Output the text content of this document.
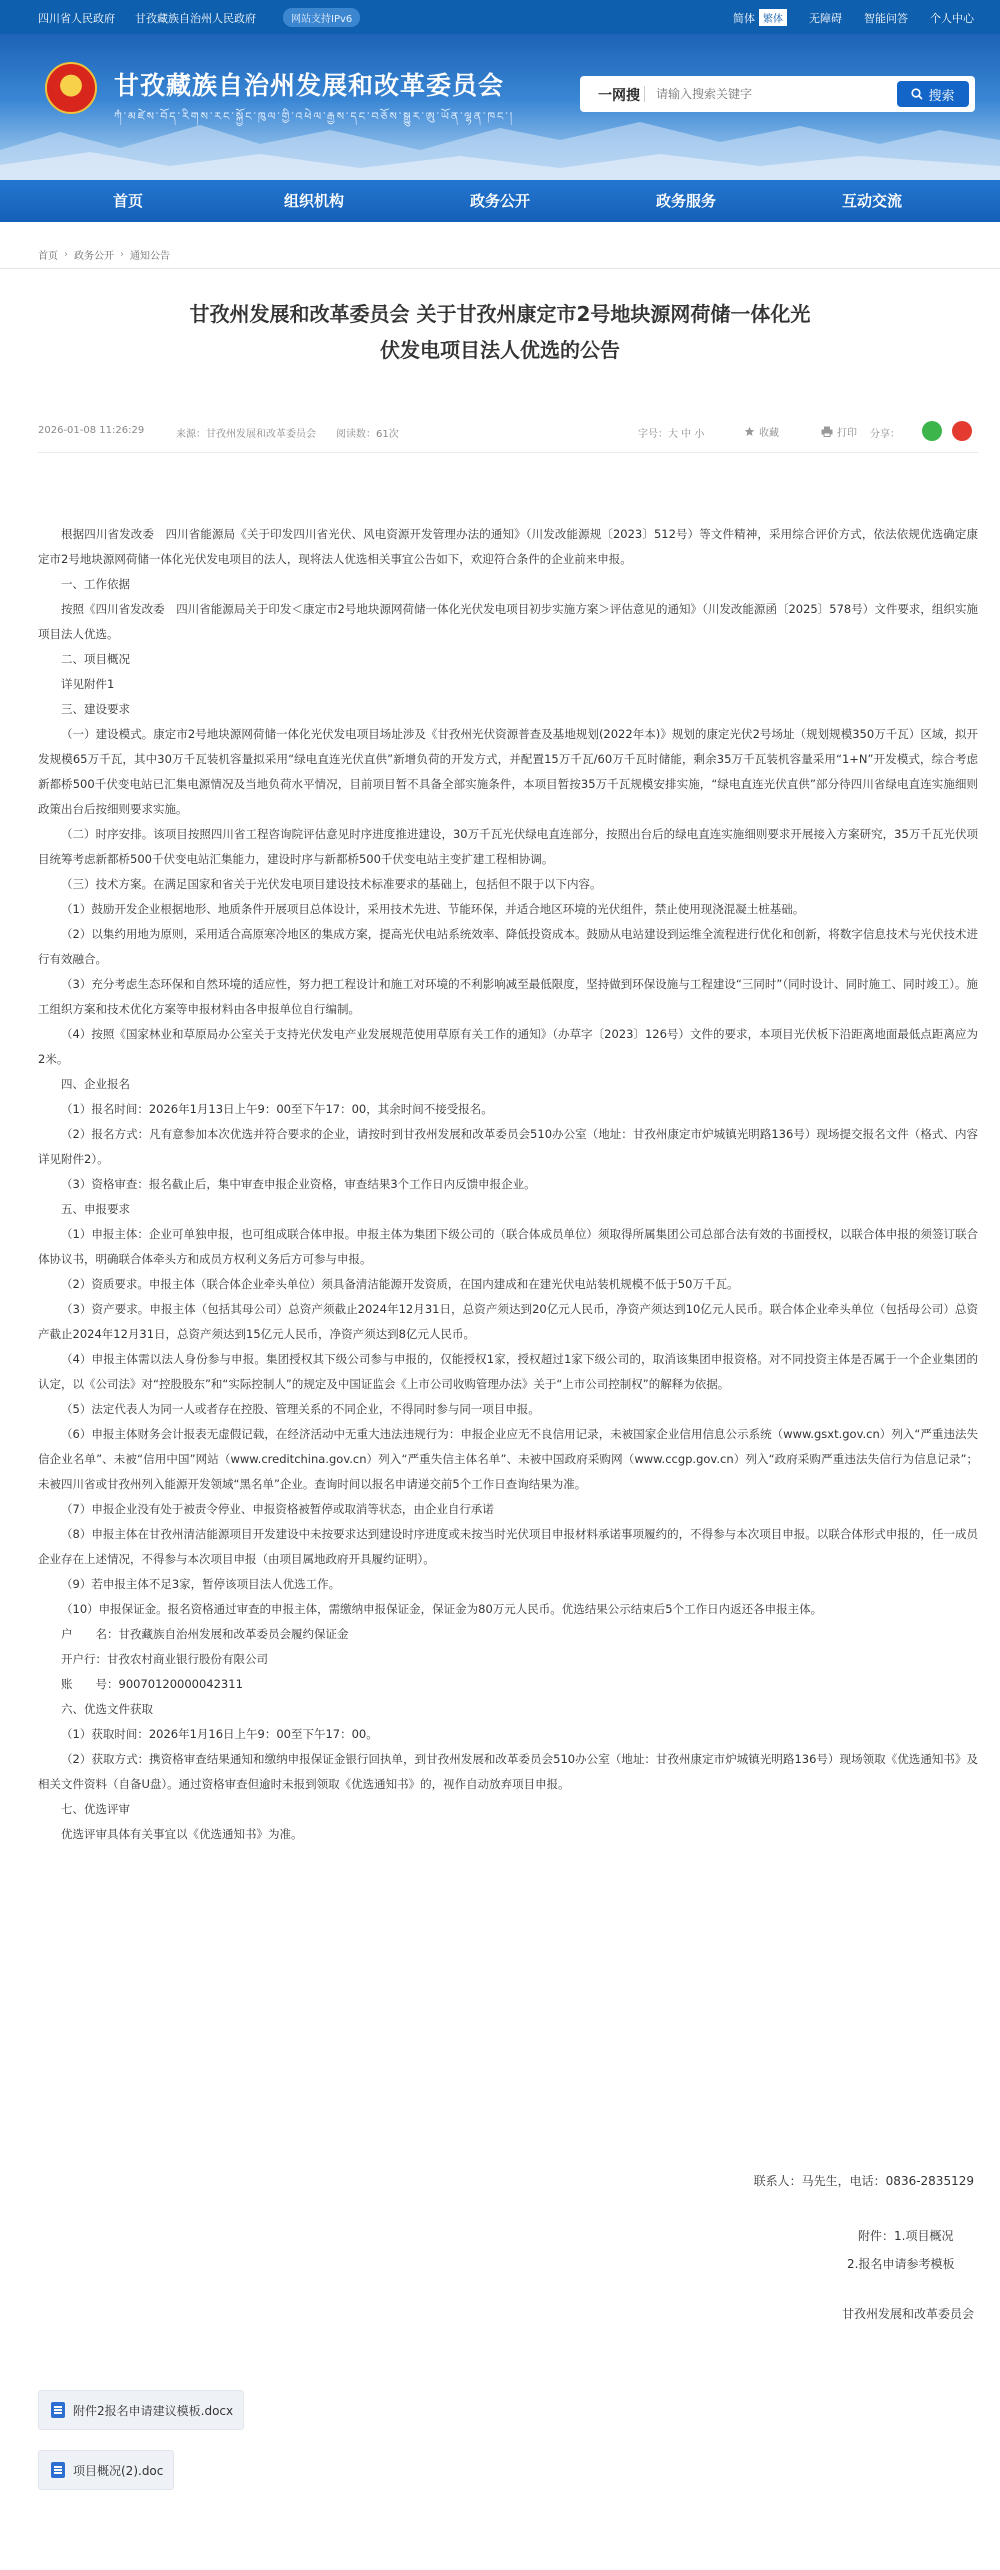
四川省人民政府 甘孜藏族自治州人民政府	网站支持IPv6	简体 繁体	无障碍 智能问答 个人中心
甘孜藏族自治州发展和改革委员会
ཀཾ་མཛེས་བོད་རིགས་རང་སྐྱོང་ཁུལ་གྱི་འཕེལ་རྒྱས་དང་བཅོས་སྒྱུར་ཨུ་ཡོན་ལྷན་ཁང་།
一网搜
请输入搜索关键字	搜索
首页	组织机构	政务公开	政务服务	互动交流
首页 › 政务公开 › 通知公告
甘孜州发展和改革委员会 关于甘孜州康定市2号地块源网荷储一体化光
伏发电项目法人优选的公告
2026-01-08 11:26:29	来源：甘孜州发展和改革委员会 阅读数：61次	字号：大 中 小	收藏	打印 分享：

根据四川省发改委　四川省能源局《关于印发四川省光伏、风电资源开发管理办法的通知》（川发改能源规〔2023〕512号）等文件精神，采用综合评价方式，依法依规优选确定康定市2号地块源网荷储一体化光伏发电项目的法人，现将法人优选相关事宜公告如下，欢迎符合条件的企业前来申报。

一、工作依据

按照《四川省发改委　四川省能源局关于印发＜康定市2号地块源网荷储一体化光伏发电项目初步实施方案＞评估意见的通知》（川发改能源函〔2025〕578号）文件要求，组织实施项目法人优选。

二、项目概况

详见附件1

三、建设要求

（一）建设模式。康定市2号地块源网荷储一体化光伏发电项目场址涉及《甘孜州光伏资源普查及基地规划(2022年本)》规划的康定光伏2号场址（规划规模350万千瓦）区域，拟开发规模65万千瓦，其中30万千瓦装机容量拟采用“绿电直连光伏直供”新增负荷的开发方式，并配置15万千瓦/60万千瓦时储能，剩余35万千瓦装机容量采用“1+N”开发模式，综合考虑新都桥500千伏变电站已汇集电源情况及当地负荷水平情况，目前项目暂不具备全部实施条件，本项目暂按35万千瓦规模安排实施，“绿电直连光伏直供”部分待四川省绿电直连实施细则政策出台后按细则要求实施。

（二）时序安排。该项目按照四川省工程咨询院评估意见时序进度推进建设，30万千瓦光伏绿电直连部分，按照出台后的绿电直连实施细则要求开展接入方案研究，35万千瓦光伏项目统筹考虑新都桥500千伏变电站汇集能力，建设时序与新都桥500千伏变电站主变扩建工程相协调。

（三）技术方案。在满足国家和省关于光伏发电项目建设技术标准要求的基础上，包括但不限于以下内容。

（1）鼓励开发企业根据地形、地质条件开展项目总体设计，采用技术先进、节能环保，并适合地区环境的光伏组件，禁止使用现浇混凝土桩基础。

（2）以集约用地为原则，采用适合高原寒冷地区的集成方案，提高光伏电站系统效率、降低投资成本。鼓励从电站建设到运维全流程进行优化和创新，将数字信息技术与光伏技术进行有效融合。

（3）充分考虑生态环保和自然环境的适应性，努力把工程设计和施工对环境的不利影响减至最低限度，坚持做到环保设施与工程建设“三同时”（同时设计、同时施工、同时竣工）。施工组织方案和技术优化方案等申报材料由各申报单位自行编制。

（4）按照《国家林业和草原局办公室关于支持光伏发电产业发展规范使用草原有关工作的通知》（办草字〔2023〕126号）文件的要求，本项目光伏板下沿距离地面最低点距离应为2米。

四、企业报名

（1）报名时间：2026年1月13日上午9：00至下午17：00，其余时间不接受报名。

（2）报名方式：凡有意参加本次优选并符合要求的企业，请按时到甘孜州发展和改革委员会510办公室（地址：甘孜州康定市炉城镇光明路136号）现场提交报名文件（格式、内容详见附件2）。

（3）资格审查：报名截止后，集中审查申报企业资格，审查结果3个工作日内反馈申报企业。

五、申报要求

（1）申报主体：企业可单独申报，也可组成联合体申报。申报主体为集团下级公司的（联合体成员单位）须取得所属集团公司总部合法有效的书面授权，以联合体申报的须签订联合体协议书，明确联合体牵头方和成员方权利义务后方可参与申报。

（2）资质要求。申报主体（联合体企业牵头单位）须具备清洁能源开发资质，在国内建成和在建光伏电站装机规模不低于50万千瓦。

（3）资产要求。申报主体（包括其母公司）总资产须截止2024年12月31日，总资产须达到20亿元人民币，净资产须达到10亿元人民币。联合体企业牵头单位（包括母公司）总资产截止2024年12月31日，总资产须达到15亿元人民币，净资产须达到8亿元人民币。

（4）申报主体需以法人身份参与申报。集团授权其下级公司参与申报的，仅能授权1家，授权超过1家下级公司的，取消该集团申报资格。对不同投资主体是否属于一个企业集团的认定，以《公司法》对“控股股东”和“实际控制人”的规定及中国证监会《上市公司收购管理办法》关于“上市公司控制权”的解释为依据。

（5）法定代表人为同一人或者存在控股、管理关系的不同企业，不得同时参与同一项目申报。

（6）申报主体财务会计报表无虚假记载，在经济活动中无重大违法违规行为：申报企业应无不良信用记录，未被国家企业信用信息公示系统（www.gsxt.gov.cn）列入“严重违法失信企业名单”、未被“信用中国”网站（www.creditchina.gov.cn）列入“严重失信主体名单”、未被中国政府采购网（www.ccgp.gov.cn）列入“政府采购严重违法失信行为信息记录”；未被四川省或甘孜州列入能源开发领域“黑名单”企业。查询时间以报名申请递交前5个工作日查询结果为准。

（7）申报企业没有处于被责令停业、申报资格被暂停或取消等状态，由企业自行承诺

（8）申报主体在甘孜州清洁能源项目开发建设中未按要求达到建设时序进度或未按当时光伏项目申报材料承诺事项履约的，不得参与本次项目申报。以联合体形式申报的，任一成员企业存在上述情况，不得参与本次项目申报（由项目属地政府开具履约证明）。

（9）若申报主体不足3家，暂停该项目法人优选工作。

（10）申报保证金。报名资格通过审查的申报主体，需缴纳申报保证金，保证金为80万元人民币。优选结果公示结束后5个工作日内返还各申报主体。

户　　名：甘孜藏族自治州发展和改革委员会履约保证金

开户行：甘孜农村商业银行股份有限公司

账　　号：90070120000042311

六、优选文件获取

（1）获取时间：2026年1月16日上午9：00至下午17：00。

（2）获取方式：携资格审查结果通知和缴纳申报保证金银行回执单，到甘孜州发展和改革委员会510办公室（地址：甘孜州康定市炉城镇光明路136号）现场领取《优选通知书》及相关文件资料（自备U盘）。通过资格审查但逾时未报到领取《优选通知书》的，视作自动放弃项目申报。

七、优选评审

优选评审具体有关事宜以《优选通知书》为准。

联系人：马先生，电话：0836-2835129
附件：1.项目概况
2.报名申请参考模板
甘孜州发展和改革委员会
附件2报名申请建议模板.docx
项目概况(2).doc
